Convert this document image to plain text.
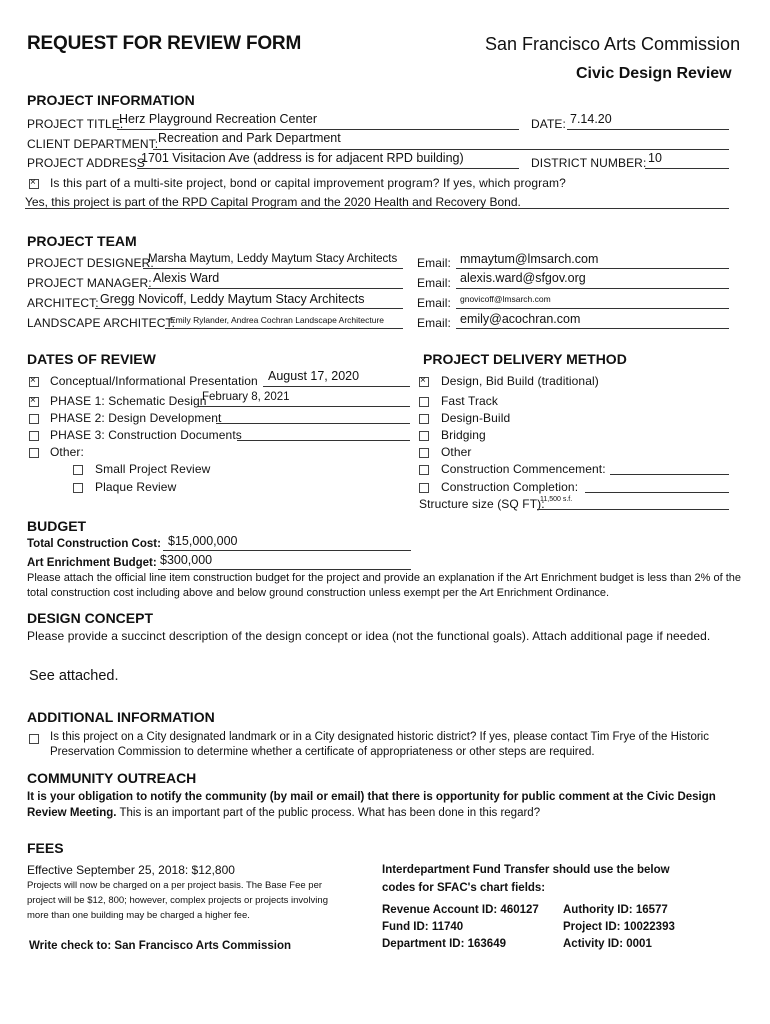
REQUEST FOR REVIEW FORM	San Francisco Arts Commission
Civic Design Review
PROJECT INFORMATION
PROJECT TITLE:
Herz Playground Recreation Center	DATE: 7.14.20
CLIENT DEPARTMENT: Recreation and Park Department
PROJECT ADDRESS
1701 Visitacion Ave (address is for adjacent RPD building)	DISTRICT NUMBER: 10
×
Is this part of a multi-site project, bond or capital improvement program? If yes, which program?
Yes, this project is part of the RPD Capital Program and the 2020 Health and Recovery Bond.
PROJECT TEAM
PROJECT DESIGNER:
Marsha Maytum, Leddy Maytum Stacy Architects Email: mmaytum@lmsarch.com
PROJECT MANAGER: Alexis Ward	Email: alexis.ward@sfgov.org
ARCHITECT: Gregg Novicoff, Leddy Maytum Stacy Architects	Email: gnovicoff@lmsarch.com
LANDSCAPE ARCHITECT:
Emily Rylander, Andrea Cochran Landscape Architecture	Email: emily@acochran.com
DATES OF REVIEW
×
Conceptual/Informational Presentation August 17, 2020
×
PHASE 1: Schematic Design
February 8, 2021
PHASE 2: Design Development
PHASE 3: Construction Documents
Other:
Small Project Review
Plaque Review
PROJECT DELIVERY METHOD
×
Design, Bid Build (traditional)
Fast Track
Design-Build
Bridging
Other
Construction Commencement:
Construction Completion:
Structure size (SQ FT):
11,500 s.f.
BUDGET
Total Construction Cost: $15,000,000
Art Enrichment Budget: $300,000
Please attach the official line item construction budget for the project and provide an explanation if the Art Enrichment budget is less than 2% of the total construction cost including above and below ground construction unless exempt per the Art Enrichment Ordinance.
DESIGN CONCEPT
Please provide a succinct description of the design concept or idea (not the functional goals). Attach additional page if needed.
See attached.
ADDITIONAL INFORMATION
Is this project on a City designated landmark or in a City designated historic district? If yes, please contact Tim Frye of the Historic Preservation Commission to determine whether a certificate of appropriateness or other steps are required.
COMMUNITY OUTREACH
It is your obligation to notify the community (by mail or email) that there is opportunity for public comment at the Civic Design Review Meeting. This is an important part of the public process. What has been done in this regard?
FEES
Effective September 25, 2018: $12,800
Projects will now be charged on a per project basis. The Base Fee per project will be $12, 800; however, complex projects or projects involving more than one building may be charged a higher fee.
Write check to: San Francisco Arts Commission
Interdepartment Fund Transfer should use the below codes for SFAC's chart fields:
Revenue Account ID: 460127
Fund ID: 11740
Department ID: 163649
Authority ID: 16577
Project ID: 10022393
Activity ID: 0001
